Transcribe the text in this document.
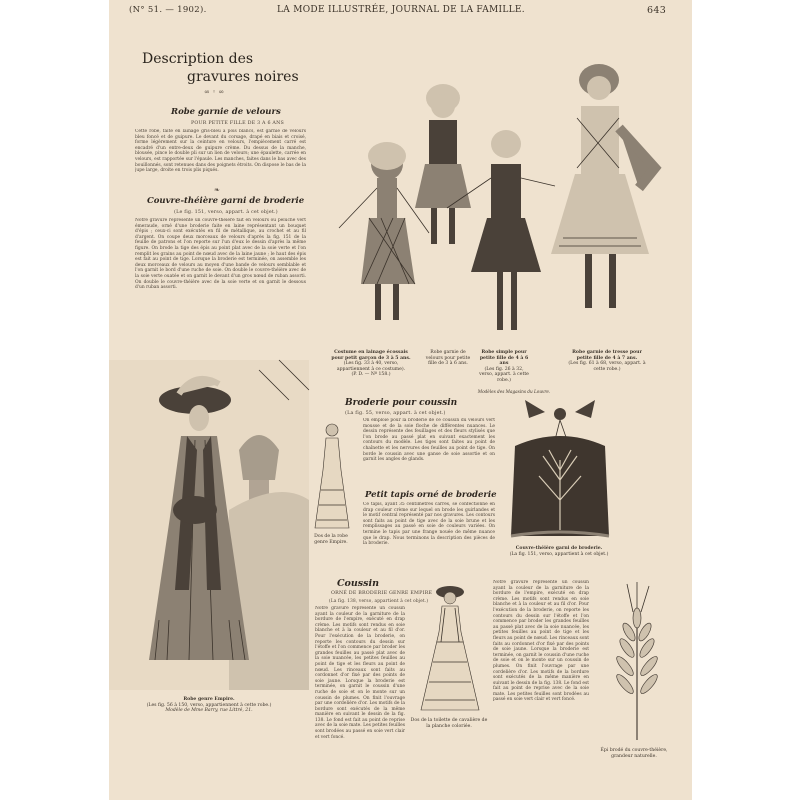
(N° 51. — 1902).	LA MODE ILLUSTRÉE, JOURNAL DE LA FAMILLE.	643
Description des
gravures noires
∞ ◦ ∞
Robe garnie de velours
POUR PETITE FILLE DE 3 A 6 ANS
Cette robe, faite en lainage gris-bleu à pois blancs, est garnie de velours bleu foncé et de guipure. Le devant du corsage, drapé en biais et croisé, forme légèrement sur la ceinture en velours, l'empiècement carré est encadré d'un entre-deux de guipure crème. Du dessus de la manche, blousée, pince le double pli sur un lien de velours; une épaulette, carrée en velours, est rapportée sur l'épaule. Les manches, faites dans le bas avec des bouillonnés, sont retenues dans des poignets étroits. On dispose le bas de la jupe large, droite en trois plis piqués.
❧
Couvre-théière garni de broderie
(Le fig. 151, verso, appart. à cet objet.)
Notre gravure représente un couvre-théière fait en velours ou peluche vert émeraude, orné d'une broderie faite en laine représentant un bouquet d'épis ; ceux-ci sont exécutés en fil de métallique, au crochet et au fil d'argent. On coupe deux morceaux de velours d'après la fig. 151 de la feuille de patrons et l'on reporte sur l'un d'eux le dessin d'après la même figure. On brode la tige des épis au point plat avec de la soie verte et l'on remplit les grains au point de nœud avec de la laine jaune ; le haut des épis est fait au point de tige. Lorsque la broderie est terminée, on assemble les deux morceaux de velours au moyen d'une bande de velours semblable et l'on garnit le bord d'une ruche de soie. On double le couvre-théière avec de la soie verte ouatée et on garnit le devant d'un gros nœud de ruban assorti. On double le couvre-théière avec de la soie verte et on garnit le dessous d'un ruban assorti.
Costume en lainage écossais pour petit garçon de 3 à 5 ans.
(Les fig. 33 à 40, verso, appartiennent à ce costume).
(P. D. — Nº 158.)
Robe garnie de velours pour petite fille de 3 à 6 ans.
Robe simple pour petite fille de 4 à 6 ans
(Les fig. 26 à 32, verso, appart. à cette robe.)
Robe garnie de tresse pour petite fille de 4 à 7 ans.
(Les fig. 61 à 68, verso, appart. à cette robe.)
Modèles des Magasins du Louvre.
Robe genre Empire.
(Les fig. 56 à 150, verso, appartiennent à cette robe.)
Modèle de Mme Barry, rue Littré, 21.
Broderie pour coussin
(La fig. 55, verso, appart. à cet objet.)
On emploie pour la broderie de ce coussin du velours vert mousse et de la soie floche de différentes nuances. Le dessin représente des feuillages et des fleurs stylisés que l'on brode au passé plat en suivant exactement les contours du modèle. Les tiges sont faites au point de chaînette et les nervures des feuilles au point de tige. On borde le coussin avec une ganse de soie assortie et on garnit les angles de glands.
Dos de la robe genre Empire.
Petit tapis orné de broderie
Ce tapis, ayant 35 centimètres carrés, se confectionne en drap couleur crème sur lequel on brode les guirlandes et le motif central représenté par nos gravures. Les contours sont faits au point de tige avec de la soie brune et les remplissages au passé en soie de couleurs variées. On termine le tapis par une frange nouée de même nuance que le drap. Nous terminons la description des pièces de la broderie.
Couvre-théière garni de broderie.
(La fig. 151, verso, appartient à cet objet.)
Coussin
ORNÉ DE BRODERIE GENRE EMPIRE
(La fig. 138, verso, appartient à cet objet.)
Notre gravure représente un coussin ayant la couleur de la garniture de la bordure de l'empire, exécuté en drap crème. Les motifs sont rendus en soie blanche et à la couleur et au fil d'or. Pour l'exécution de la broderie, on reporte les contours du dessin sur l'étoffe et l'on commence par broder les grandes feuilles au passé plat avec de la soie nuancée, les petites feuilles au point de tige et les fleurs au point de nœud. Les rinceaux sont faits au cordonnet d'or fixé par des points de soie jaune. Lorsque la broderie est terminée, on garnit le coussin d'une ruche de soie et on le monte sur un coussin de plumes. On finit l'ouvrage par une cordelière d'or. Les motifs de la bordure sont exécutés de la même manière en suivant le dessin de la fig. 138. Le fond est fait au point de reprise avec de la soie mate. Les petites feuilles sont brodées au passé en soie vert clair et vert foncé.
Dos de la toilette de cavalière de la planche coloriée.
Notre gravure représente un coussin ayant la couleur de la garniture de la bordure de l'empire, exécuté en drap crème. Les motifs sont rendus en soie blanche et à la couleur et au fil d'or. Pour l'exécution de la broderie, on reporte les contours du dessin sur l'étoffe et l'on commence par broder les grandes feuilles au passé plat avec de la soie nuancée, les petites feuilles au point de tige et les fleurs au point de nœud. Les rinceaux sont faits au cordonnet d'or fixé par des points de soie jaune. Lorsque la broderie est terminée, on garnit le coussin d'une ruche de soie et on le monte sur un coussin de plumes. On finit l'ouvrage par une cordelière d'or. Les motifs de la bordure sont exécutés de la même manière en suivant le dessin de la fig. 138. Le fond est fait au point de reprise avec de la soie mate. Les petites feuilles sont brodées au passé en soie vert clair et vert foncé.
Épi brodé du couvre-théière, grandeur naturelle.
